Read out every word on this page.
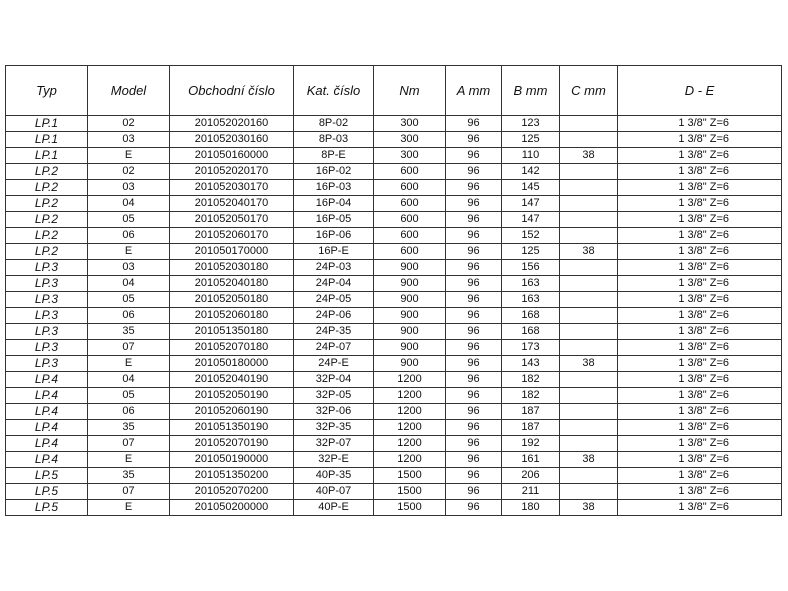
Typ	Model	Obchodní číslo	Kat. číslo	Nm	A mm	B mm	C mm	D - E
LP.1	02	201052020160	8P-02	300	96	123		1 3/8" Z=6
LP.1	03	201052030160	8P-03	300	96	125		1 3/8" Z=6
LP.1	E	201050160000	8P-E	300	96	110	38	1 3/8" Z=6
LP.2	02	201052020170	16P-02	600	96	142		1 3/8" Z=6
LP.2	03	201052030170	16P-03	600	96	145		1 3/8" Z=6
LP.2	04	201052040170	16P-04	600	96	147		1 3/8" Z=6
LP.2	05	201052050170	16P-05	600	96	147		1 3/8" Z=6
LP.2	06	201052060170	16P-06	600	96	152		1 3/8" Z=6
LP.2	E	201050170000	16P-E	600	96	125	38	1 3/8" Z=6
LP.3	03	201052030180	24P-03	900	96	156		1 3/8" Z=6
LP.3	04	201052040180	24P-04	900	96	163		1 3/8" Z=6
LP.3	05	201052050180	24P-05	900	96	163		1 3/8" Z=6
LP.3	06	201052060180	24P-06	900	96	168		1 3/8" Z=6
LP.3	35	201051350180	24P-35	900	96	168		1 3/8" Z=6
LP.3	07	201052070180	24P-07	900	96	173		1 3/8" Z=6
LP.3	E	201050180000	24P-E	900	96	143	38	1 3/8" Z=6
LP.4	04	201052040190	32P-04	1200	96	182		1 3/8" Z=6
LP.4	05	201052050190	32P-05	1200	96	182		1 3/8" Z=6
LP.4	06	201052060190	32P-06	1200	96	187		1 3/8" Z=6
LP.4	35	201051350190	32P-35	1200	96	187		1 3/8" Z=6
LP.4	07	201052070190	32P-07	1200	96	192		1 3/8" Z=6
LP.4	E	201050190000	32P-E	1200	96	161	38	1 3/8" Z=6
LP.5	35	201051350200	40P-35	1500	96	206		1 3/8" Z=6
LP.5	07	201052070200	40P-07	1500	96	211		1 3/8" Z=6
LP.5	E	201050200000	40P-E	1500	96	180	38	1 3/8" Z=6
